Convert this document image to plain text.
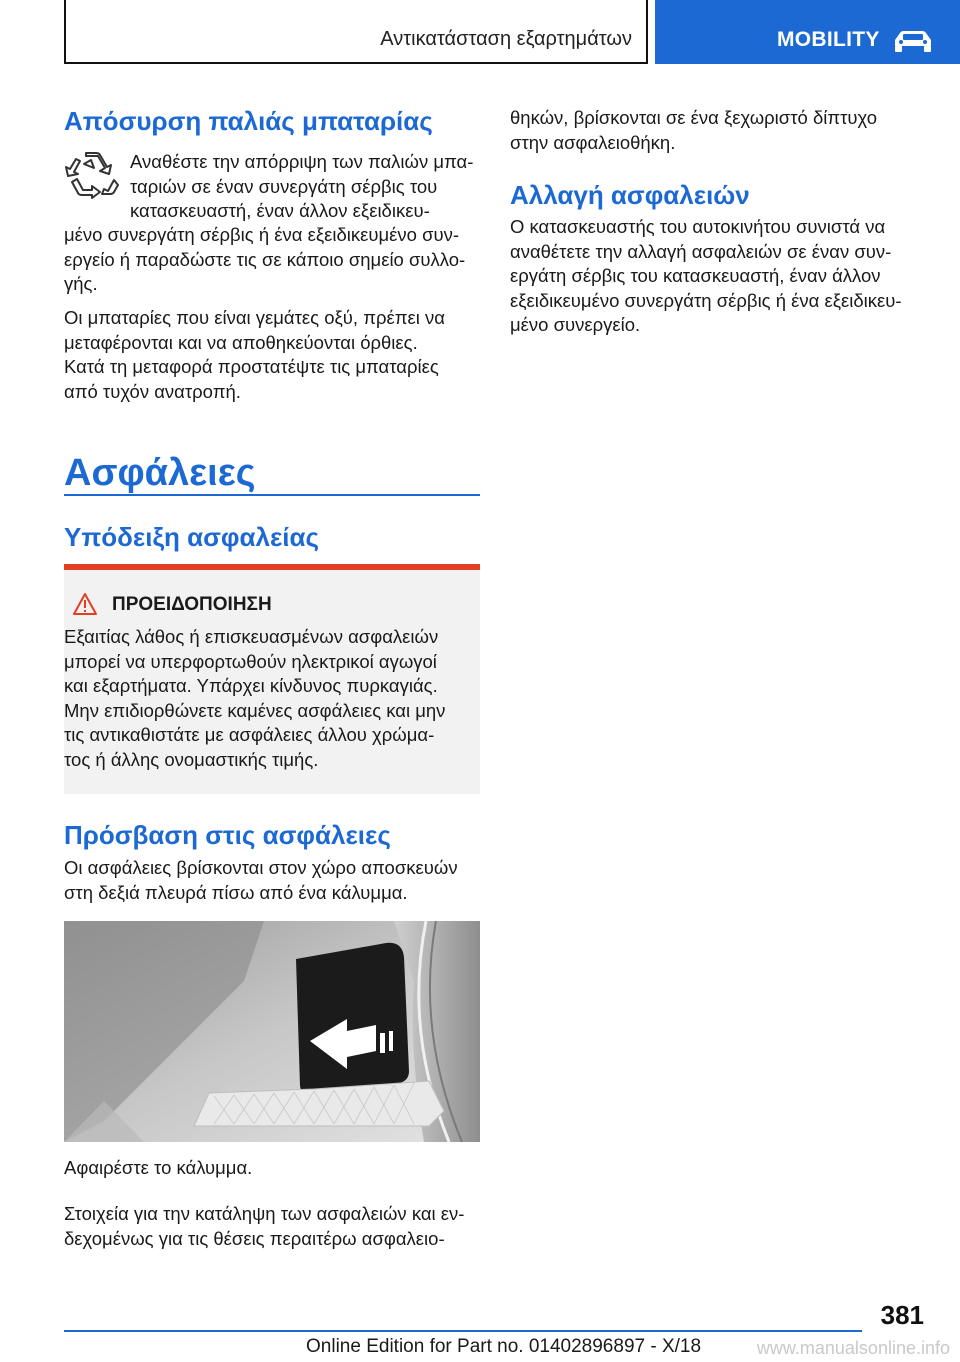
Αντικατάσταση εξαρτημάτων	MOBILITY
Απόσυρση παλιάς μπαταρίας
Αναθέστε την απόρριψη των παλιών μπα-
ταριών σε έναν συνεργάτη σέρβις του
κατασκευαστή, έναν άλλον εξειδικευ-
μένο συνεργάτη σέρβις ή ένα εξειδικευμένο συν-
εργείο ή παραδώστε τις σε κάποιο σημείο συλλο-
γής.
Οι μπαταρίες που είναι γεμάτες οξύ, πρέπει να
μεταφέρονται και να αποθηκεύονται όρθιες.
Κατά τη μεταφορά προστατέψτε τις μπαταρίες
από τυχόν ανατροπή.
Ασφάλειες
Υπόδειξη ασφαλείας
ΠΡΟΕΙΔΟΠΟΙΗΣΗ
Εξαιτίας λάθος ή επισκευασμένων ασφαλειών
μπορεί να υπερφορτωθούν ηλεκτρικοί αγωγοί
και εξαρτήματα. Υπάρχει κίνδυνος πυρκαγιάς.
Μην επιδιορθώνετε καμένες ασφάλειες και μην
τις αντικαθιστάτε με ασφάλειες άλλου χρώμα-
τος ή άλλης ονομαστικής τιμής.
Πρόσβαση στις ασφάλειες
Οι ασφάλειες βρίσκονται στον χώρο αποσκευών
στη δεξιά πλευρά πίσω από ένα κάλυμμα.
Αφαιρέστε το κάλυμμα.
Στοιχεία για την κατάληψη των ασφαλειών και εν-
δεχομένως για τις θέσεις περαιτέρω ασφαλειο-
θηκών, βρίσκονται σε ένα ξεχωριστό δίπτυχο
στην ασφαλειοθήκη.
Αλλαγή ασφαλειών
Ο κατασκευαστής του αυτοκινήτου συνιστά να
αναθέτετε την αλλαγή ασφαλειών σε έναν συν-
εργάτη σέρβις του κατασκευαστή, έναν άλλον
εξειδικευμένο συνεργάτη σέρβις ή ένα εξειδικευ-
μένο συνεργείο.
381
Online Edition for Part no. 01402896897 - X/18	www.manualsonline.info
